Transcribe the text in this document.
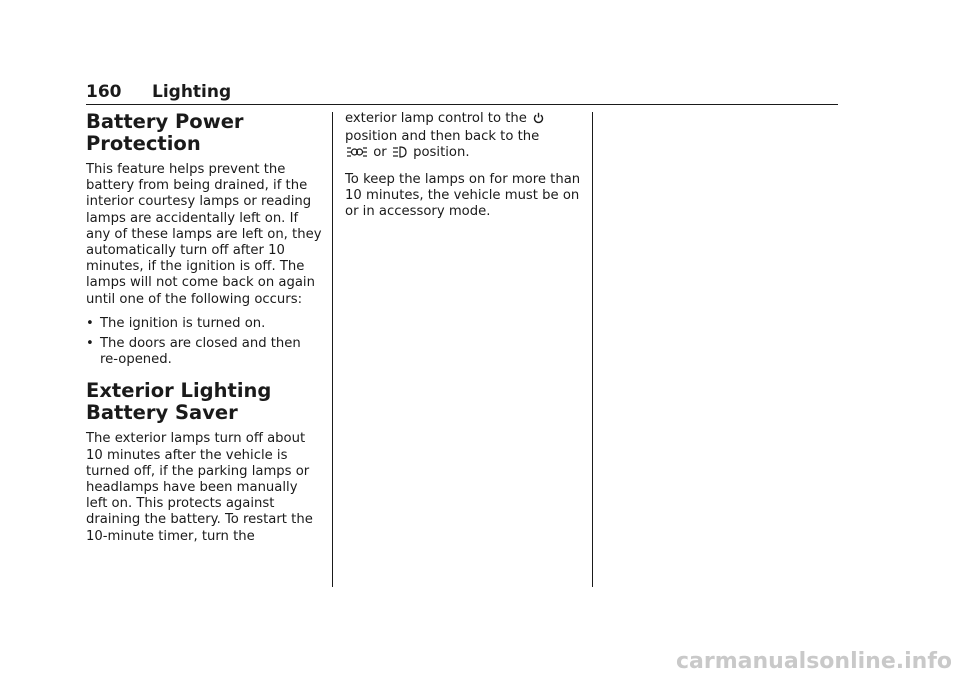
160 Lighting
Battery Power Protection

This feature helps prevent the battery from being drained, if the interior courtesy lamps or reading lamps are accidentally left on. If any of these lamps are left on, they automatically turn off after 10 minutes, if the ignition is off. The lamps will not come back on again until one of the following occurs:

• The ignition is turned on.
• The doors are closed and then re-opened.
Exterior Lighting Battery Saver

The exterior lamps turn off about 10 minutes after the vehicle is turned off, if the parking lamps or headlamps have been manually left on. This protects against draining the battery. To restart the 10-minute timer, turn the

exterior lamp control to the
position and then back to the
or position.

To keep the lamps on for more than 10 minutes, the vehicle must be on or in accessory mode.

carmanualsonline.info
